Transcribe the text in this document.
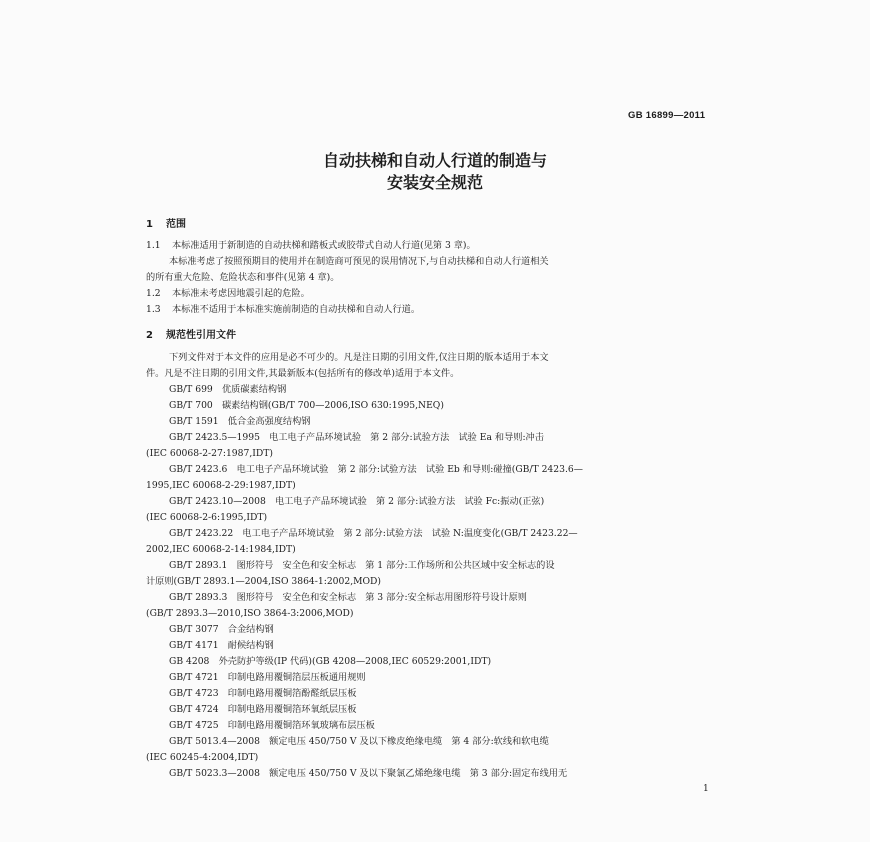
GB 16899—2011
自动扶梯和自动人行道的制造与
安装安全规范
1 范围
1.1 本标准适用于新制造的自动扶梯和踏板式或胶带式自动人行道(见第 3 章)。
本标准考虑了按照预期目的使用并在制造商可预见的误用情况下,与自动扶梯和自动人行道相关
的所有重大危险、危险状态和事件(见第 4 章)。
1.2 本标准未考虑因地震引起的危险。
1.3 本标准不适用于本标准实施前制造的自动扶梯和自动人行道。
2 规范性引用文件
下列文件对于本文件的应用是必不可少的。凡是注日期的引用文件,仅注日期的版本适用于本文
件。凡是不注日期的引用文件,其最新版本(包括所有的修改单)适用于本文件。
GB/T 699　优质碳素结构钢
GB/T 700　碳素结构钢(GB/T 700—2006,ISO 630:1995,NEQ)
GB/T 1591　低合金高强度结构钢
GB/T 2423.5—1995　电工电子产品环境试验　第 2 部分:试验方法　试验 Ea 和导则:冲击
(IEC 60068-2-27:1987,IDT)
GB/T 2423.6　电工电子产品环境试验　第 2 部分:试验方法　试验 Eb 和导则:碰撞(GB/T 2423.6—
1995,IEC 60068-2-29:1987,IDT)
GB/T 2423.10—2008　电工电子产品环境试验　第 2 部分:试验方法　试验 Fc:振动(正弦)
(IEC 60068-2-6:1995,IDT)
GB/T 2423.22　电工电子产品环境试验　第 2 部分:试验方法　试验 N:温度变化(GB/T 2423.22—
2002,IEC 60068-2-14:1984,IDT)
GB/T 2893.1　图形符号　安全色和安全标志　第 1 部分:工作场所和公共区域中安全标志的设
计原则(GB/T 2893.1—2004,ISO 3864-1:2002,MOD)
GB/T 2893.3　图形符号　安全色和安全标志　第 3 部分:安全标志用图形符号设计原则
(GB/T 2893.3—2010,ISO 3864-3:2006,MOD)
GB/T 3077　合金结构钢
GB/T 4171　耐候结构钢
GB 4208　外壳防护等级(IP 代码)(GB 4208—2008,IEC 60529:2001,IDT)
GB/T 4721　印制电路用覆铜箔层压板通用规则
GB/T 4723　印制电路用覆铜箔酚醛纸层压板
GB/T 4724　印制电路用覆铜箔环氧纸层压板
GB/T 4725　印制电路用覆铜箔环氧玻璃布层压板
GB/T 5013.4—2008　额定电压 450/750 V 及以下橡皮绝缘电缆　第 4 部分:软线和软电缆
(IEC 60245-4:2004,IDT)
GB/T 5023.3—2008　额定电压 450/750 V 及以下聚氯乙烯绝缘电缆　第 3 部分:固定布线用无
1
